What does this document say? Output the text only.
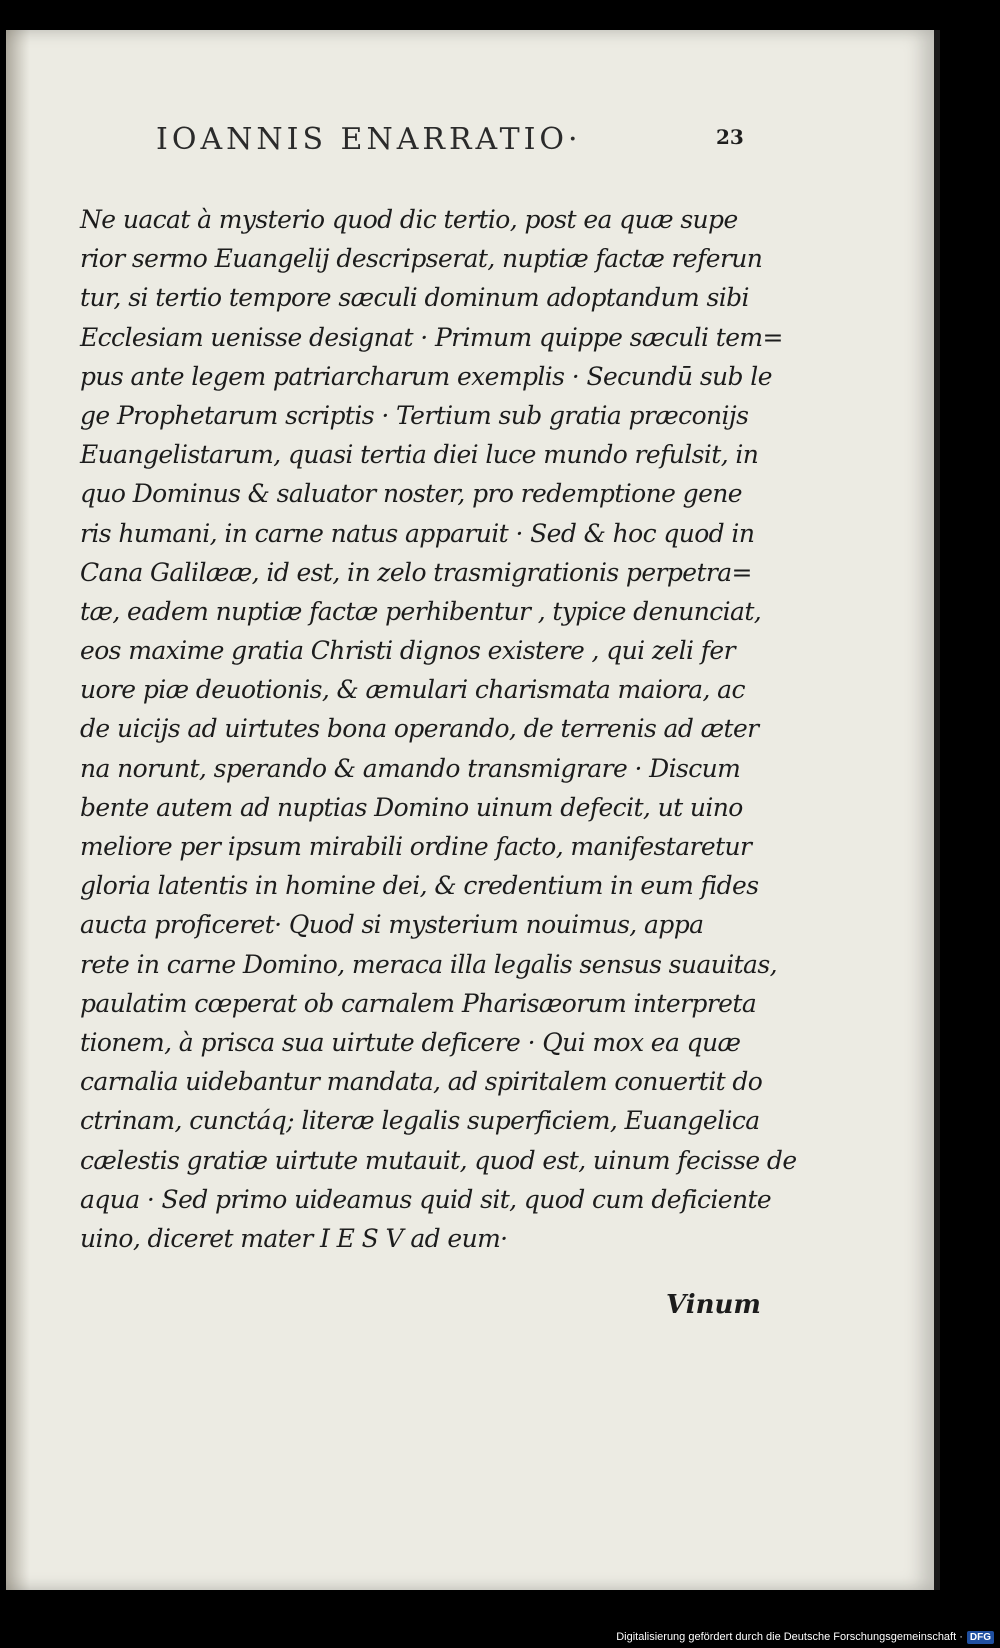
IOANNIS ENARRATIO·	23
Ne uacat à mysterio quod dic tertio, post ea quæ supe
rior sermo Euangelij descripserat, nuptiæ factæ referun
tur, si tertio tempore sæculi dominum adoptandum sibi
Ecclesiam uenisse designat · Primum quippe sæculi tem=
pus ante legem patriarcharum exemplis · Secundū sub le
ge Prophetarum scriptis · Tertium sub gratia præconijs
Euangelistarum, quasi tertia diei luce mundo refulsit, in
quo Dominus & saluator noster, pro redemptione gene
ris humani, in carne natus apparuit · Sed & hoc quod in
Cana Galilææ, id est, in zelo trasmigrationis perpetra=
tæ, eadem nuptiæ factæ perhibentur , typice denunciat,
eos maxime gratia Christi dignos existere , qui zeli fer
uore piæ deuotionis, & æmulari charismata maiora, ac
de uicijs ad uirtutes bona operando, de terrenis ad æter
na norunt, sperando & amando transmigrare · Discum
bente autem ad nuptias Domino uinum defecit, ut uino
meliore per ipsum mirabili ordine facto, manifestaretur
gloria latentis in homine dei, & credentium in eum fides
aucta proficeret· Quod si mysterium nouimus, appa
rete in carne Domino, meraca illa legalis sensus suauitas,
paulatim cœperat ob carnalem Pharisæorum interpreta
tionem, à prisca sua uirtute deficere · Qui mox ea quæ
carnalia uidebantur mandata, ad spiritalem conuertit do
ctrinam, cunctáq; literæ legalis superficiem, Euangelica
cælestis gratiæ uirtute mutauit, quod est, uinum fecisse de
aqua · Sed primo uideamus quid sit, quod cum deficiente
uino, diceret mater I E S V ad eum·
Vinum
Digitalisierung gefördert durch die Deutsche Forschungsgemeinschaft · DFG
